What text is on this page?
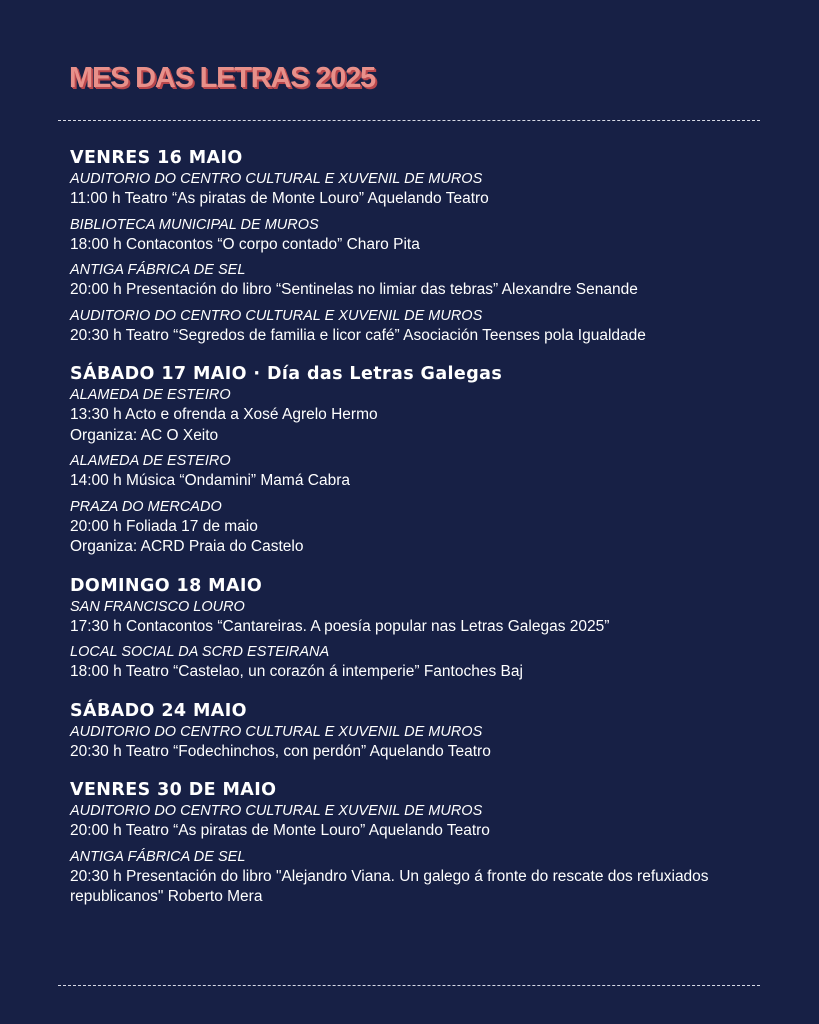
MES DAS LETRAS 2025
VENRES 16 MAIO

AUDITORIO DO CENTRO CULTURAL E XUVENIL DE MUROS

11:00 h Teatro “As piratas de Monte Louro” Aquelando Teatro

BIBLIOTECA MUNICIPAL DE MUROS

18:00 h Contacontos “O corpo contado” Charo Pita

ANTIGA FÁBRICA DE SEL

20:00 h Presentación do libro “Sentinelas no limiar das tebras” Alexandre Senande

AUDITORIO DO CENTRO CULTURAL E XUVENIL DE MUROS

20:30 h Teatro “Segredos de familia e licor café” Asociación Teenses pola Igualdade

SÁBADO 17 MAIO · Día das Letras Galegas

ALAMEDA DE ESTEIRO

13:30 h Acto e ofrenda a Xosé Agrelo Hermo

Organiza: AC O Xeito

ALAMEDA DE ESTEIRO

14:00 h Música “Ondamini” Mamá Cabra

PRAZA DO MERCADO

20:00 h Foliada 17 de maio

Organiza: ACRD Praia do Castelo

DOMINGO 18 MAIO

SAN FRANCISCO LOURO

17:30 h Contacontos “Cantareiras. A poesía popular nas Letras Galegas 2025”

LOCAL SOCIAL DA SCRD ESTEIRANA

18:00 h Teatro “Castelao, un corazón á intemperie” Fantoches Baj

SÁBADO 24 MAIO

AUDITORIO DO CENTRO CULTURAL E XUVENIL DE MUROS

20:30 h Teatro “Fodechinchos, con perdón” Aquelando Teatro

VENRES 30 DE MAIO

AUDITORIO DO CENTRO CULTURAL E XUVENIL DE MUROS

20:00 h Teatro “As piratas de Monte Louro” Aquelando Teatro

ANTIGA FÁBRICA DE SEL

20:30 h Presentación do libro "Alejandro Viana. Un galego á fronte do rescate dos refuxiados

republicanos" Roberto Mera
